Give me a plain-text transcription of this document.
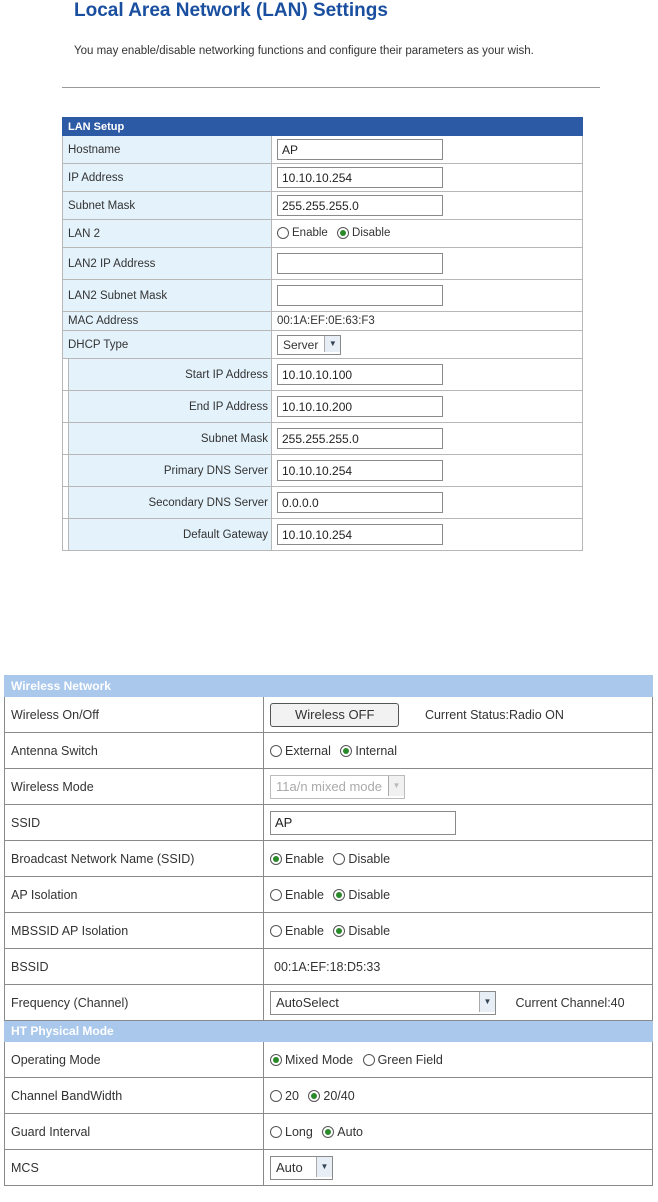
Local Area Network (LAN) Settings

You may enable/disable networking functions and configure their parameters as your wish.

LAN Setup		
Hostname	AP
IP Address	10.10.10.254
Subnet Mask	255.255.255.0
LAN 2		Enable Disable
LAN2 IP Address	
LAN2 Subnet Mask	
MAC Address		00:1A:EF:0E:63:F3
DHCP Type		Server ▼
	Start IP Address	10.10.10.100
	End IP Address	10.10.10.200
	Subnet Mask	255.255.255.0
	Primary DNS Server	10.10.10.254
	Secondary DNS Server	0.0.0.0
	Default Gateway	10.10.10.254
Wireless Network	
Wireless On/Off	Wireless OFF Current Status:Radio ON
Antenna Switch	External Internal
Wireless Mode	11a/n mixed mode ▼
SSID	AP
Broadcast Network Name (SSID)	Enable Disable
AP Isolation	Enable Disable
MBSSID AP Isolation	Enable Disable
BSSID	00:1A:EF:18:D5:33
Frequency (Channel)	AutoSelect ▼ Current Channel:40
HT Physical Mode	
Operating Mode	Mixed Mode Green Field
Channel BandWidth	20 20/40
Guard Interval	Long Auto
MCS	Auto ▼
